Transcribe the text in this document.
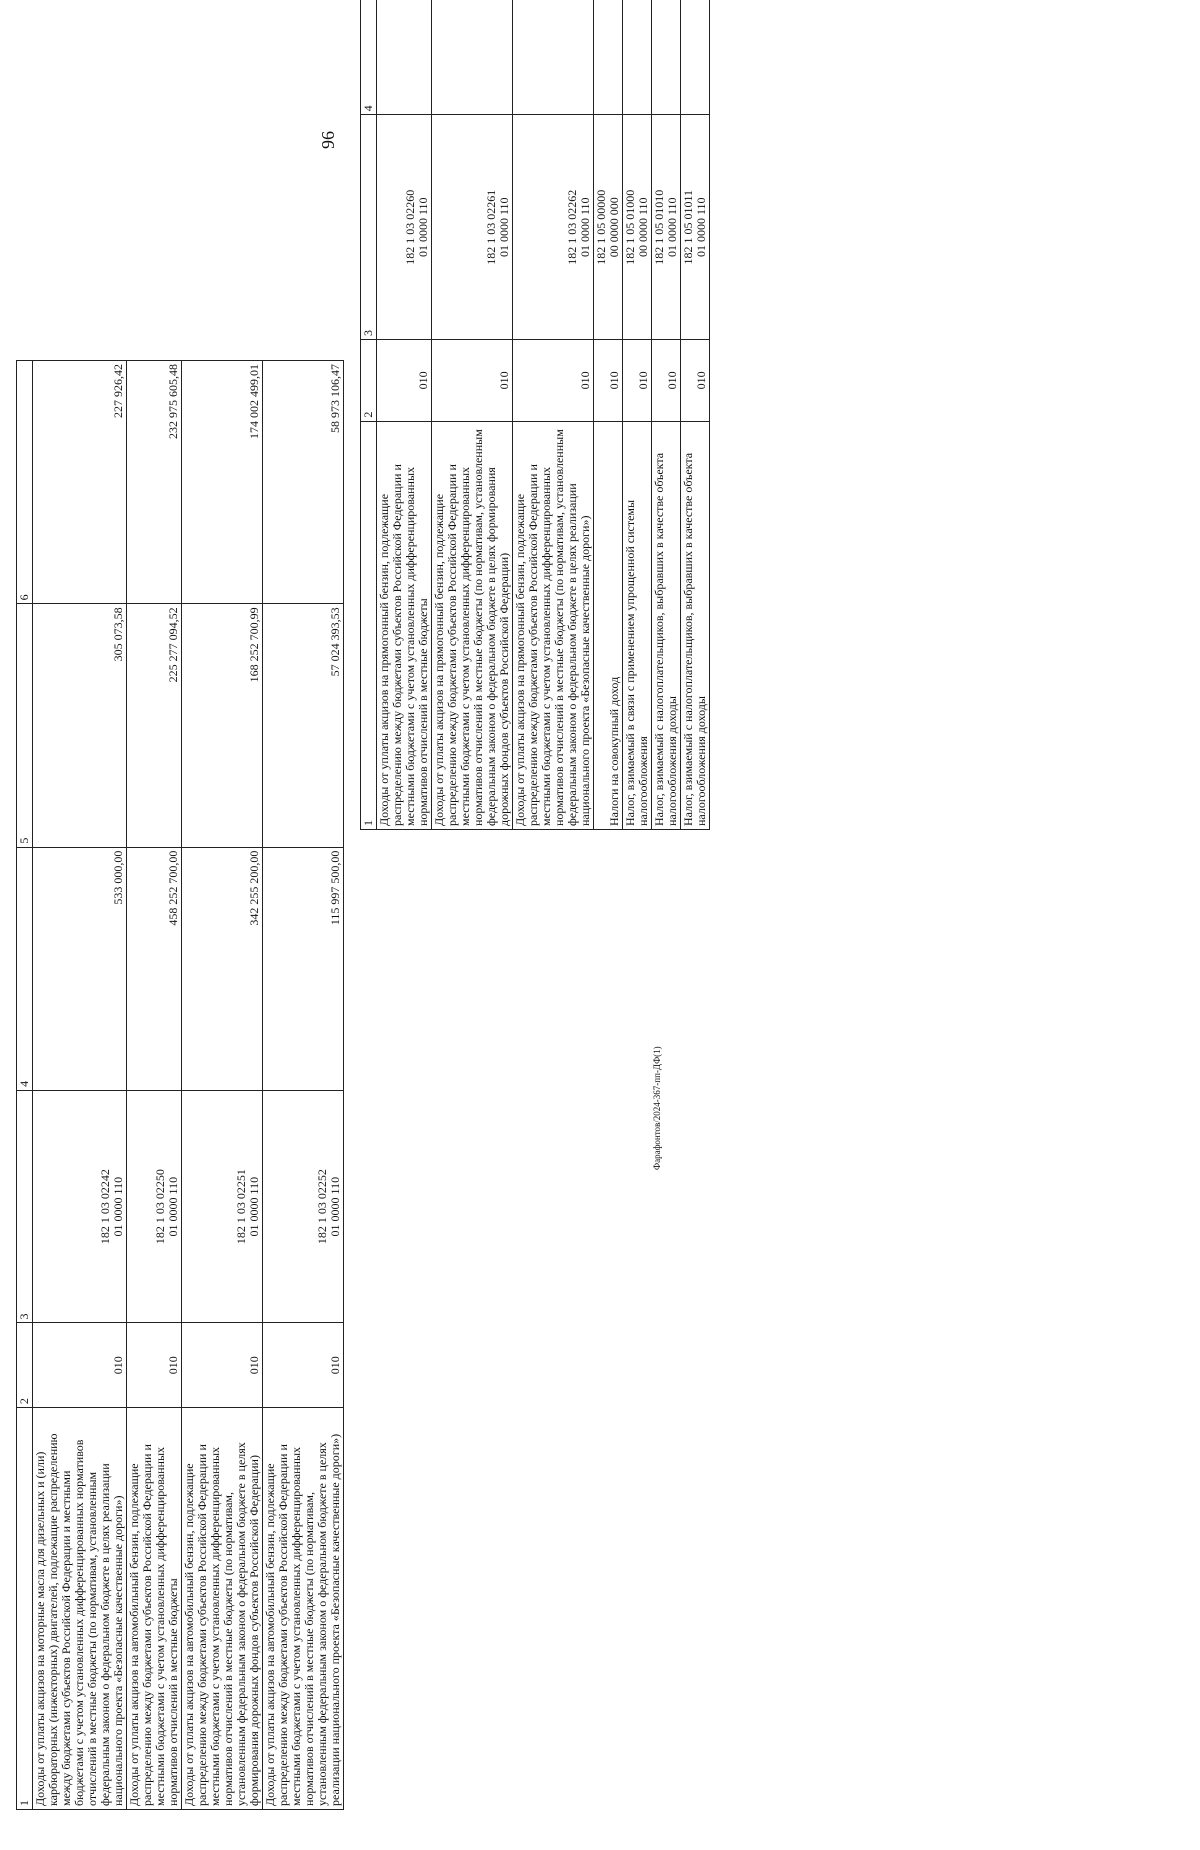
Фарафонтов/2024-367-пп-ДФ(1)
1	2	3	4	5	6
Доходы от уплаты акцизов на моторные масла для дизельных и (или) карбюраторных (инжекторных) двигателей, подлежащие распределению между бюджетами субъектов Российской Федерации и местными бюджетами с учетом установленных дифференцированных нормативов отчислений в местные бюджеты (по нормативам, установленным федеральным законом о федеральном бюджете в целях реализации национального проекта «Безопасные качественные дороги»)	010	182 1 03 02242 01 0000 110	533 000,00	305 073,58	227 926,42
Доходы от уплаты акцизов на автомобильный бензин, подлежащие распределению между бюджетами субъектов Российской Федерации и местными бюджетами с учетом установленных дифференцированных нормативов отчислений в местные бюджеты	010	182 1 03 02250 01 0000 110	458 252 700,00	225 277 094,52	232 975 605,48
Доходы от уплаты акцизов на автомобильный бензин, подлежащие распределению между бюджетами субъектов Российской Федерации и местными бюджетами с учетом установленных дифференцированных нормативов отчислений в местные бюджеты (по нормативам, установленным федеральным законом о федеральном бюджете в целях формирования дорожных фондов субъектов Российской Федерации)	010	182 1 03 02251 01 0000 110	342 255 200,00	168 252 700,99	174 002 499,01
Доходы от уплаты акцизов на автомобильный бензин, подлежащие распределению между бюджетами субъектов Российской Федерации и местными бюджетами с учетом установленных дифференцированных нормативов отчислений в местные бюджеты (по нормативам, установленным федеральным законом о федеральном бюджете в целях реализации национального проекта «Безопасные качественные дороги»)	010	182 1 03 02252 01 0000 110	115 997 500,00	57 024 393,53	58 973 106,47
96
1	2	3	4		
Доходы от уплаты акцизов на прямогонный бензин, подлежащие распределению между бюджетами субъектов Российской Федерации и местными бюджетами с учетом установленных дифференцированных нормативов отчислений в местные бюджеты	010	182 1 03 02260 01 0000 110

Доходы от уплаты акцизов на прямогонный бензин, подлежащие распределению между бюджетами субъектов Российской Федерации и местными бюджетами с учетом установленных дифференцированных нормативов отчислений в местные бюджеты (по нормативам, установленным федеральным законом о федеральном бюджете в целях формирования дорожных фондов субъектов Российской Федерации)	010	182 1 03 02261 01 0000 110

Доходы от уплаты акцизов на прямогонный бензин, подлежащие распределению между бюджетами субъектов Российской Федерации и местными бюджетами с учетом установленных дифференцированных нормативов отчислений в местные бюджеты (по нормативам, установленным федеральным законом о федеральном бюджете в целях реализации национального проекта «Безопасные качественные дороги»)	010	182 1 03 02262 01 0000 110

Налоги на совокупный доход	010	182 1 05 00000 00 0000 000

Налог, взимаемый в связи с применением упрощенной системы налогообложения	010	182 1 05 01000 00 0000 110

Налог, взимаемый с налогоплательщиков, выбравших в качестве объекта налогообложения доходы	010	182 1 05 01010 01 0000 110

Налог, взимаемый с налогоплательщиков, выбравших в качестве объекта налогообложения доходы	010	182 1 05 01011 01 0000 110
